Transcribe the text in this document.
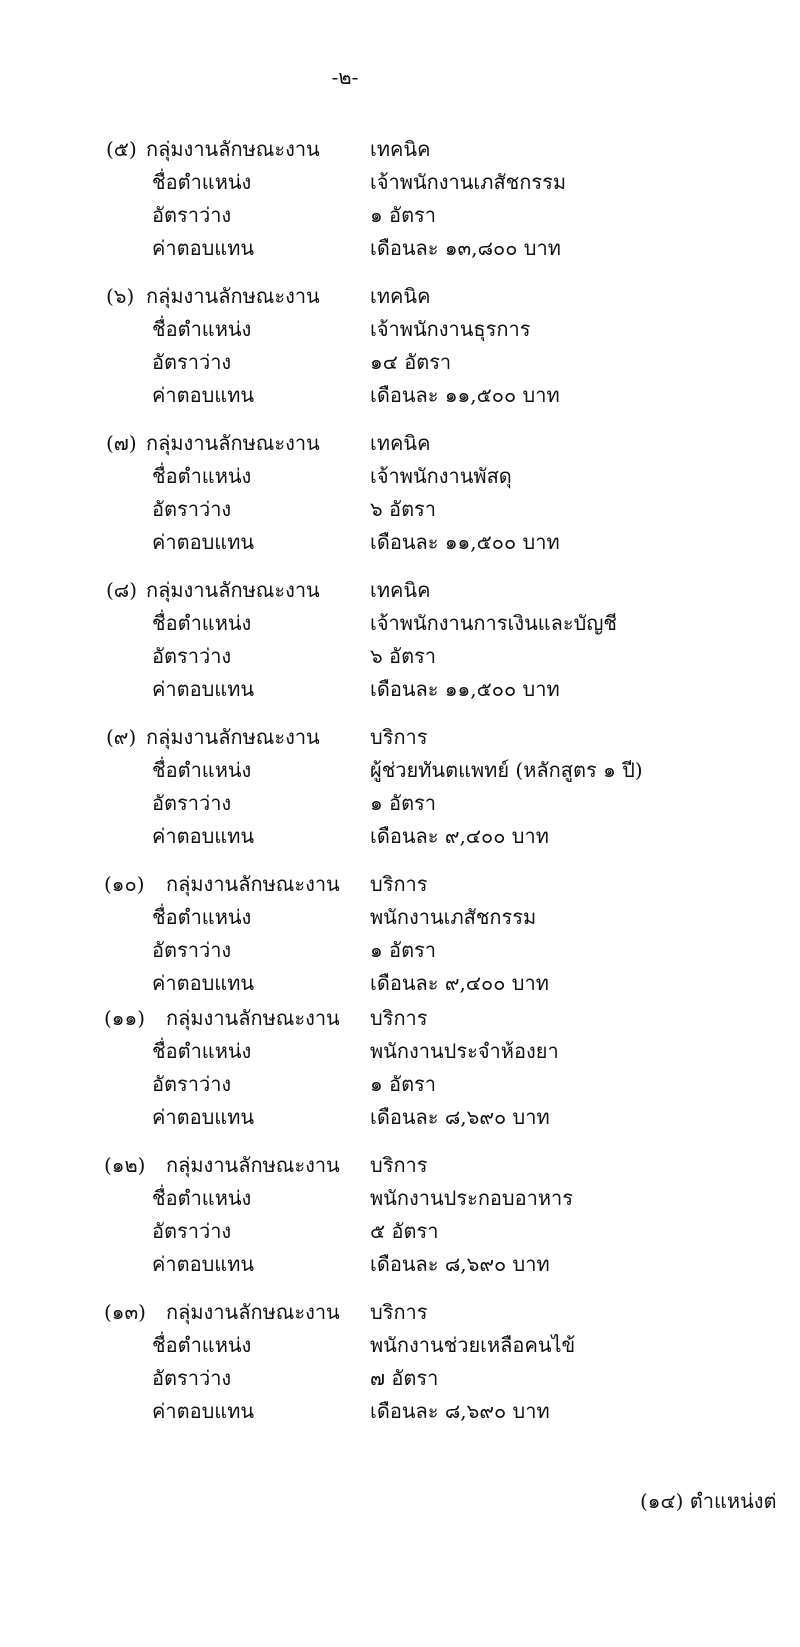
-๒-
(๕) กลุ่มงานลักษณะงาน	เทคนิค
ชื่อตำแหน่ง	เจ้าพนักงานเภสัชกรรม
อัตราว่าง	๑ อัตรา
ค่าตอบแทน	เดือนละ ๑๓,๘๐๐ บาท
(๖) กลุ่มงานลักษณะงาน	เทคนิค
ชื่อตำแหน่ง	เจ้าพนักงานธุรการ
อัตราว่าง	๑๔ อัตรา
ค่าตอบแทน	เดือนละ ๑๑,๕๐๐ บาท
(๗) กลุ่มงานลักษณะงาน	เทคนิค
ชื่อตำแหน่ง	เจ้าพนักงานพัสดุ
อัตราว่าง	๖ อัตรา
ค่าตอบแทน	เดือนละ ๑๑,๕๐๐ บาท
(๘) กลุ่มงานลักษณะงาน	เทคนิค
ชื่อตำแหน่ง	เจ้าพนักงานการเงินและบัญชี
อัตราว่าง	๖ อัตรา
ค่าตอบแทน	เดือนละ ๑๑,๕๐๐ บาท
(๙) กลุ่มงานลักษณะงาน	บริการ
ชื่อตำแหน่ง	ผู้ช่วยทันตแพทย์ (หลักสูตร ๑ ปี)
อัตราว่าง	๑ อัตรา
ค่าตอบแทน	เดือนละ ๙,๔๐๐ บาท
(๑๐) กลุ่มงานลักษณะงาน บริการ
ชื่อตำแหน่ง	พนักงานเภสัชกรรม
อัตราว่าง	๑ อัตรา
ค่าตอบแทน	เดือนละ ๙,๔๐๐ บาท
(๑๑) กลุ่มงานลักษณะงาน บริการ
ชื่อตำแหน่ง	พนักงานประจำห้องยา
อัตราว่าง	๑ อัตรา
ค่าตอบแทน	เดือนละ ๘,๖๙๐ บาท
(๑๒) กลุ่มงานลักษณะงาน บริการ
ชื่อตำแหน่ง	พนักงานประกอบอาหาร
อัตราว่าง	๕ อัตรา
ค่าตอบแทน	เดือนละ ๘,๖๙๐ บาท
(๑๓) กลุ่มงานลักษณะงาน บริการ
ชื่อตำแหน่ง	พนักงานช่วยเหลือคนไข้
อัตราว่าง	๗ อัตรา
ค่าตอบแทน	เดือนละ ๘,๖๙๐ บาท
(๑๔) ตำแหน่งต่
